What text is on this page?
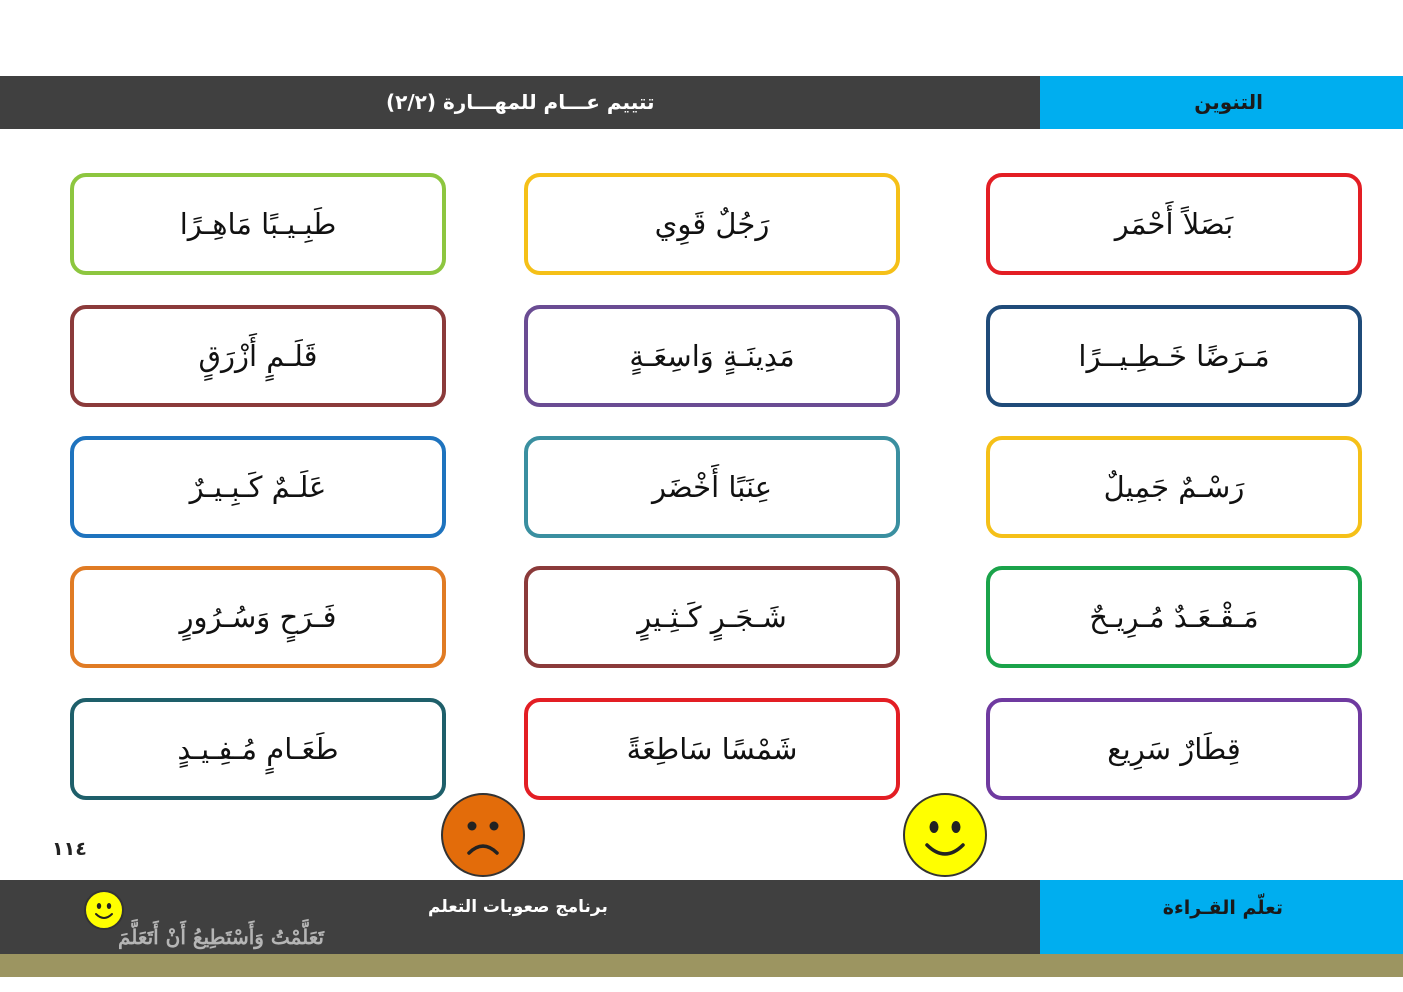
التنوين
تتييم عـــام للمهـــارة (٢/٢)
بَصَلاً أَحْمَر
رَجُلٌ قَوِي
طَبِـيـبًا مَاهِـرًا
مَـرَضًا خَـطِـيــرًا
مَدِينَـةٍ وَاسِعَـةٍ
قَلَـمٍ أَزْرَقٍ
رَسْـمٌ جَمِيلٌ
عِنَبًا أَخْضَر
عَلَـمٌ كَـبِـيـرٌ
مَـقْـعَـدٌ مُـرِيـحٌ
شَـجَـرٍ كَـثِـيرٍ
فَـرَحٍ وَسُـرُورٍ
قِطَارٌ سَرِيع
شَمْسًا سَاطِعَةً
طَعَـامٍ مُـفِـيـدٍ
١١٤
تعلّم القـراءة
برنامج صعوبات التعلم
تَعَلَّمْتُ وَأَسْتَطِيعُ أَنْ أَتَعَلَّمَ
